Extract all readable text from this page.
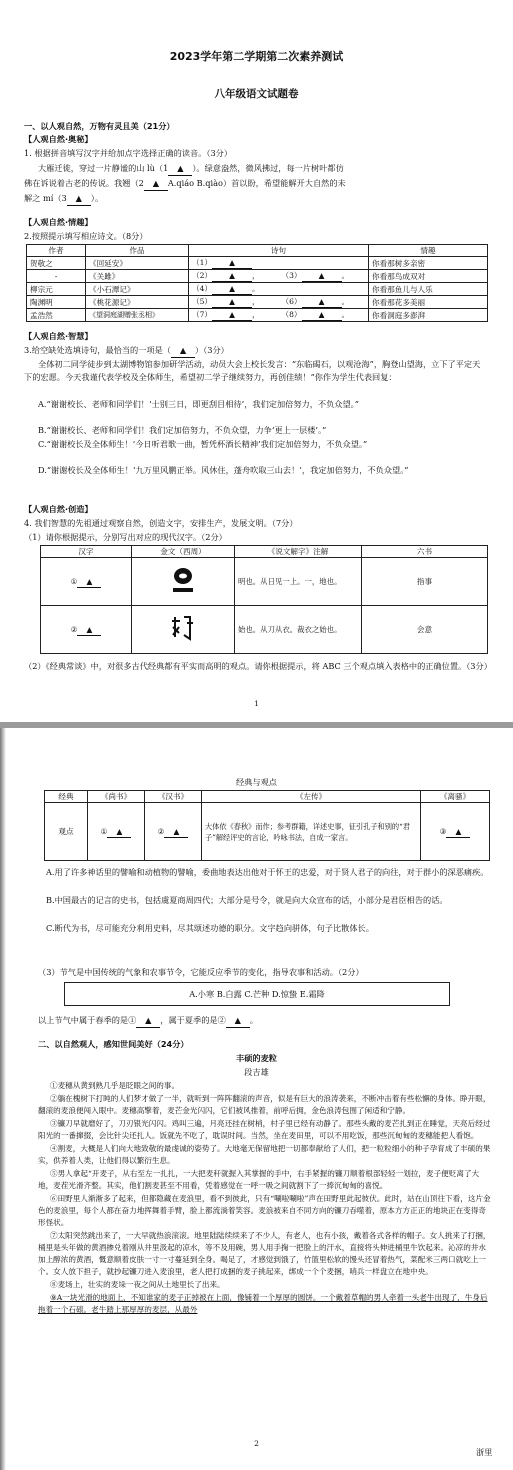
2023学年第二学期第二次素养测试
八年级语文试题卷
一、以人观自然，万物有灵且美（21分）
【人观自然·奥秘】
1. 根据拼音填写汉字并给加点字选择正确的读音。（3分）
大雁迁徙，穿过一片静谧的山 lù（1 ▲ ）。绿意盎然，微风拂过，每一片树叶都仿
佛在诉说着古老的传说。我翘（2 ▲ A.qiáo B.qiào）首以盼，希望能解开大自然的未
解之 mí（3 ▲ ）。
【人观自然·情趣】
2.按照提示填写相应诗文。（8分）
作者	作品	诗句		情趣
贺敬之	《回延安》	（1） ▲		你看那树多亲密
-	《关雎》	（2） ▲ ，	（3） ▲ 。	你看那鸟成双对
柳宗元	《小石潭记》	（4） ▲ 。		你看那鱼儿与人乐
陶渊明	《桃花源记》	（5） ▲ ，	（6） ▲ 。	你看那花多美丽
孟浩然	《望洞庭湖赠张丞相》	（7） ▲ ，	（8） ▲ 。	你看洞庭多澎湃
【人观自然·智慧】
3.给空缺处选填诗句，最恰当的一项是（ ▲ ）（3分）
全体初二同学徒步到太湖博物馆参加研学活动，动员大会上校长发言：“东临碣石，以观沧海”，胸登山望海，立下了平定天下的宏愿。今天我谨代表学校及全体师生，希望初二学子继续努力，再创佳绩！”你作为学生代表回复：
A.“谢谢校长、老师和同学们！‘士别三日，即更刮目相待’，我们定加倍努力，不负众望。”
B.“谢谢校长、老师和同学们！我们定加倍努力，不负众望，力争‘更上一层楼’。”
C.“谢谢校长及全体师生！‘今日听君歌一曲，暂凭杯酒长精神’我们定加倍努力，不负众望。”
D.“谢谢校长及全体师生！‘九万里风鹏正举。风休住，蓬舟吹取三山去！’，我定加倍努力，不负众望。”
【人观自然·创造】
4. 我们智慧的先祖通过观察自然，创造文字，安排生产，发展文明。（7分）
（1）请你根据提示，分别写出对应的现代汉字。（2分）
汉字	金文（西周）	《说文解字》注解	六书
① ▲		明也。从日见一上。一，地也。	指事
② ▲		始也。从刀从衣。裁衣之始也。	会意
（2）《经典常谈》中，对很多古代经典都有平实而高明的观点。请你根据提示，将 ABC 三个观点填入表格中的正确位置。（3分）
1
经典与观点
经典	《尚书》	《汉书》	《左传》	《离骚》
观点	① ▲	② ▲	大体依《春秋》而作；参考群籍，详述史事，征引孔子和别的“君子”解经评史的言论，吟咏书法，自成一家言。	③ ▲
A.用了许多神话里的譬喻和动植物的譬喻，委曲地表达出他对于怀王的忠爱，对于贤人君子的向往，对于群小的深恶痛疾。
B.中国最古的记言的史书，包括虞夏商周四代；大部分是号令，就是向大众宣布的话，小部分是君臣相告的话。
C.断代为书，尽可能充分利用史料，尽其颂述功德的职分。文字趋向骈体，句子比散体长。
（3）节气是中国传统的气象和农事节令，它能反应季节的变化，指导农事和活动。（2分）
A.小寒 B.白露 C.芒种 D.惊蛰 E.霜降
以上节气中属于春季的是① ▲ ，属于夏季的是② ▲ 。
二、以自然观人，感知世间美好（24分）
丰硕的麦粒
段吉雄

①麦穗从黄到熟几乎是眨眼之间的事。

②躺在槐树下打盹的人们梦才做了一半，就听到一阵阵翻滚的声音，似是有巨大的浪涛袭来，不断冲击着有些松懈的身体。睁开眼，翻滚的麦浪便闯入眼中。麦穗高擎着，麦芒金光闪闪，它们被风推着，前呼后拥，金色浪涛包围了闲适和宁静。

③镰刀早就磨好了，刀刃银光闪闪。鸡叫三遍，月亮还挂在树梢，村子里已经有动静了。那些头戴的麦芒扎到正在睡觉，天亮后经过阳光的一番撺掇，会比针尖还扎人。饭就先不吃了，耽误时间。当然，坐在麦田里，可以不用吃饭，那些沉甸甸的麦穗能把人看饱。

④割麦，大概是人们向大地致敬的最虔诚的姿势了。大地毫无保留地把一切都奉献给了人们，把一粒粒细小的种子孕育成了丰硕的果实，供养着人类，让他们得以繁衍生息。

⑤男人拿起“开麦子，从右至左一扎扎，一大把麦秆就握入其掌握的手中，右手紧握的镰刀顺着根部轻轻一划拉，麦子便贬离了大地，麦茬光滑齐整。其实，他们割麦甚至不用看，凭着感觉在一呼一吸之间就割下了一捧沉甸甸的喜悦。

⑥田野里人渐渐多了起来，但都隐藏在麦浪里，看不到彼此，只有“唰啦唰啦”声在田野里此起彼伏。此时，站在山顶往下看，这片金色的麦浪里，每个人都在奋力地挥舞着手臂，脸上都流淌着笑容。麦浪被来自不同方向的镰刀吞噬着，原本方方正正的地块正在变得奇形怪状。

⑦太阳突然跳出来了，一大早就热浪滚滚。地里陆陆续续来了不少人，有老人，也有小孩，戴着各式各样的帽子。女人挑来了打捆，桶里是头年做的黄酒掺兑着刚从井里汲起的凉水，等不及用碗，男人用手掬一把脸上的汗水，直接将头伸进桶里牛饮起来。沁凉的井水加上醇浓的黄酒，慨意顺着皮肤一寸一寸蔓延到全身。喝足了，才感觉到饿了，竹篮里松软的馒头还冒着热气，菜配米三两口就吃上一个。女人放下担子，就抄起镰刀进入麦浪里，老人把打成捆的麦子挑起来，绑成一个个麦捆，哨兵一样盘立在地中央。

⑧麦场上，壮实的麦垛一夜之间从土地里长了出来。

⑨A一块光滑的地面上，不知谁家的麦子正掉被在上面，像铺着一个厚厚的圆饼。一个戴着草帽的男人牵着一头老牛出现了，牛身后拖着一个石磙。老牛踏上那厚厚的麦层，从最外

2
浙里
